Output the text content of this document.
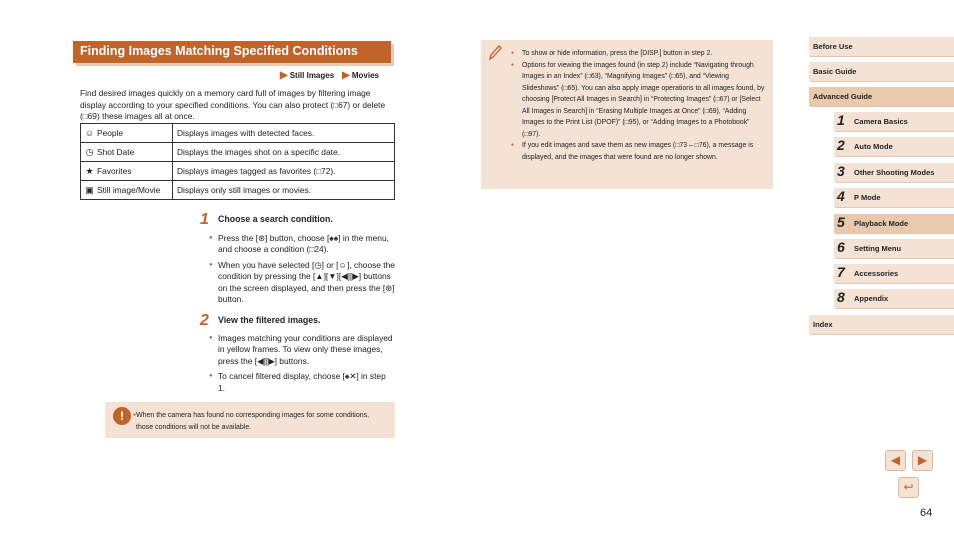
Finding Images Matching Specified Conditions
▶ Still Images ▶ Movies
Find desired images quickly on a memory card full of images by filtering image display according to your specified conditions. You can also protect (□67) or delete (□69) these images all at once.
☺ People	Displays images with detected faces.
◷ Shot Date	Displays the images shot on a specific date.
★ Favorites	Displays images tagged as favorites (□72).
▣ Still image/Movie	Displays only still images or movies.
1 Choose a search condition.
● Press the [⊛] button, choose [♠♠] in the menu, and choose a condition (□24).
● When you have selected [◷] or [☺], choose the condition by pressing the [▲][▼][◀][▶] buttons on the screen displayed, and then press the [⊛] button.
2 View the filtered images.
● Images matching your conditions are displayed in yellow frames. To view only these images, press the [◀][▶] buttons.
● To cancel filtered display, choose [♠✕] in step 1.
!	● When the camera has found no corresponding images for some conditions, those conditions will not be available.
● To show or hide information, press the [DISP.] button in step 2.
● Options for viewing the images found (in step 2) include “Navigating through Images in an Index” (□63), “Magnifying Images” (□65), and “Viewing Slideshows” (□65). You can also apply image operations to all images found, by choosing [Protect All Images in Search] in “Protecting Images” (□67) or [Select All Images in Search] in “Erasing Multiple Images at Once” (□69), “Adding Images to the Print List (DPOF)” (□95), or “Adding Images to a Photobook” (□97).
● If you edit images and save them as new images (□73 – □76), a message is displayed, and the images that were found are no longer shown.
Before Use
Basic Guide
Advanced Guide
1 Camera Basics
2 Auto Mode
3 Other Shooting Modes
4 P Mode
5 Playback Mode
6 Setting Menu
7 Accessories
8 Appendix
Index
◀	▶
↩
64
